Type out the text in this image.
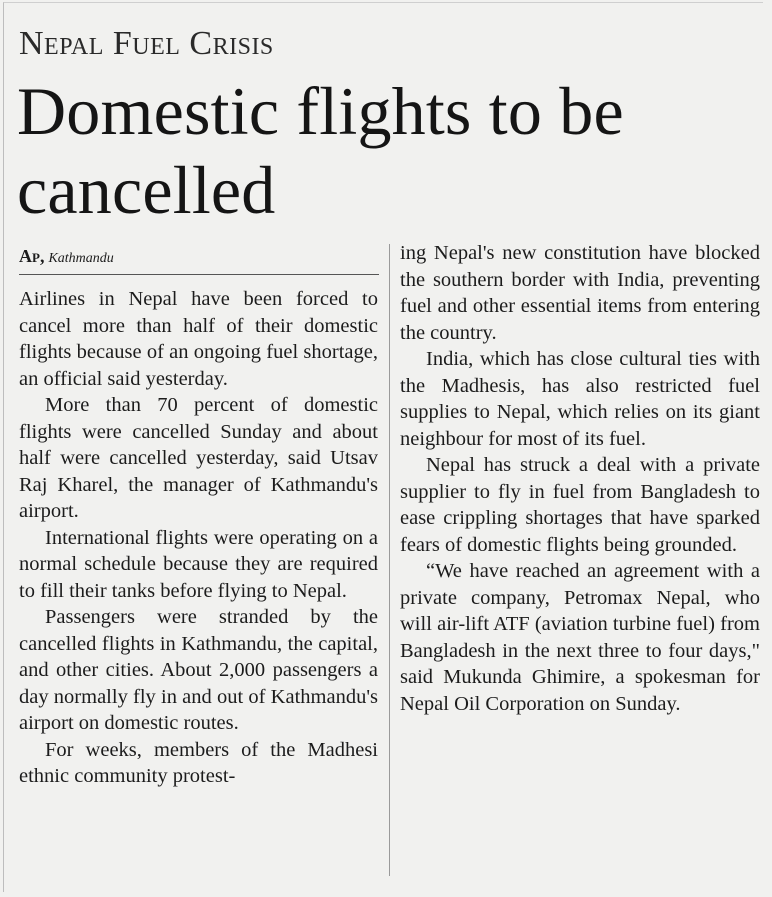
Nepal Fuel Crisis
Domestic flights to be cancelled
Ap, Kathmandu

Airlines in Nepal have been forced to cancel more than half of their domestic flights because of an ongoing fuel shortage, an official said yesterday.

More than 70 percent of domestic flights were cancelled Sunday and about half were cancelled yesterday, said Utsav Raj Kharel, the manager of Kathmandu's airport.

International flights were operating on a normal schedule because they are required to fill their tanks before flying to Nepal.

Passengers were stranded by the cancelled flights in Kathmandu, the capital, and other cities. About 2,000 passengers a day normally fly in and out of Kathmandu's airport on domestic routes.

For weeks, members of the Madhesi ethnic community protest-

ing Nepal's new constitution have blocked the southern border with India, preventing fuel and other essential items from entering the country.

India, which has close cultural ties with the Madhesis, has also restricted fuel supplies to Nepal, which relies on its giant neighbour for most of its fuel.

Nepal has struck a deal with a private supplier to fly in fuel from Bangladesh to ease crippling shortages that have sparked fears of domestic flights being grounded.

“We have reached an agreement with a private company, Petromax Nepal, who will air-lift ATF (aviation turbine fuel) from Bangladesh in the next three to four days," said Mukunda Ghimire, a spokesman for Nepal Oil Corporation on Sunday.
